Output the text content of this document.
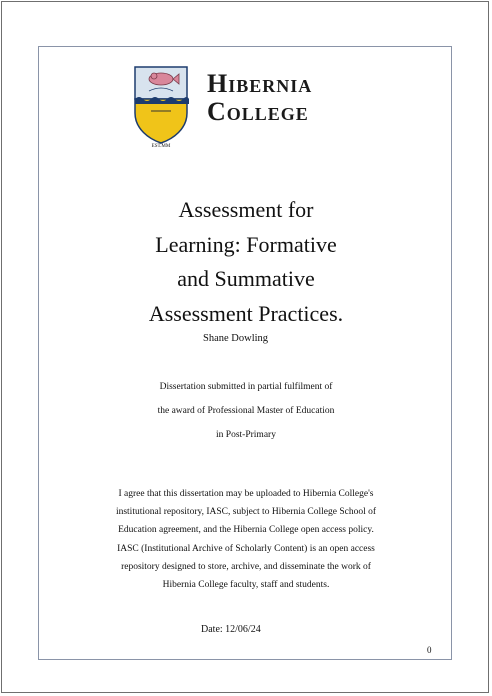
EST.MM
Hibernia
College
Assessment for
Learning: Formative
and Summative
Assessment Practices.
Shane Dowling
Dissertation submitted in partial fulfilment of
the award of Professional Master of Education
in Post-Primary
I agree that this dissertation may be uploaded to Hibernia College's
institutional repository, IASC, subject to Hibernia College School of
Education agreement, and the Hibernia College open access policy.
IASC (Institutional Archive of Scholarly Content) is an open access
repository designed to store, archive, and disseminate the work of
Hibernia College faculty, staff and students.
Date: 12/06/24
0
